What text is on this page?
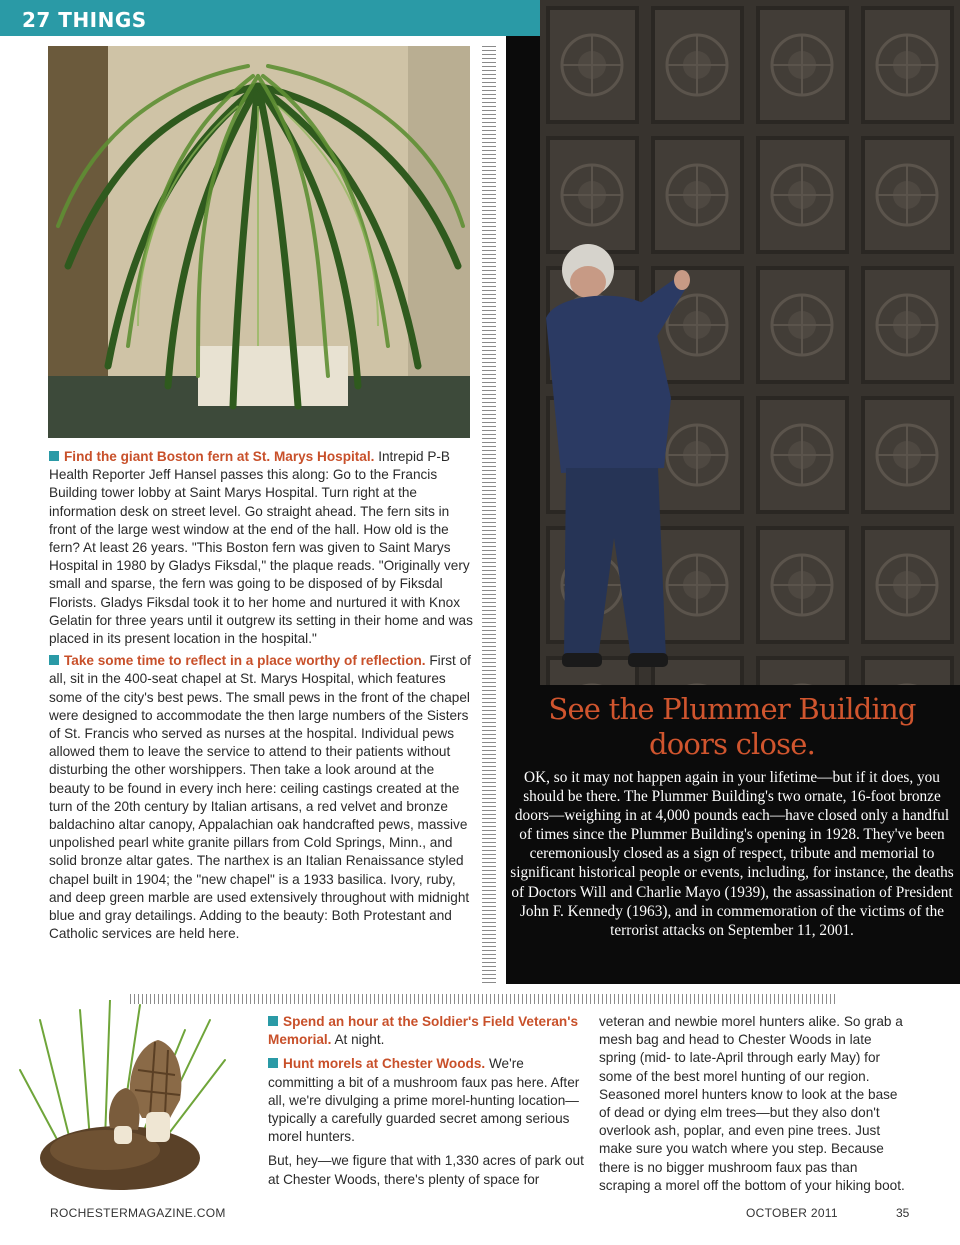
27 THINGS

Find the giant Boston fern at St. Marys Hospital. Intrepid P-B Health Reporter Jeff Hansel passes this along: Go to the Francis Building tower lobby at Saint Marys Hospital. Turn right at the information desk on street level. Go straight ahead. The fern sits in front of the large west window at the end of the hall. How old is the fern? At least 26 years. "This Boston fern was given to Saint Marys Hospital in 1980 by Gladys Fiksdal," the plaque reads. "Originally very small and sparse, the fern was going to be disposed of by Fiksdal Florists. Gladys Fiksdal took it to her home and nurtured it with Knox Gelatin for three years until it outgrew its setting in their home and was placed in its present location in the hospital."

Take some time to reflect in a place worthy of reflection. First of all, sit in the 400-seat chapel at St. Marys Hospital, which features some of the city's best pews. The small pews in the front of the chapel were designed to accommodate the then large numbers of the Sisters of St. Francis who served as nurses at the hospital. Individual pews allowed them to leave the service to attend to their patients without disturbing the other worshippers. Then take a look around at the beauty to be found in every inch here: ceiling castings created at the turn of the 20th century by Italian artisans, a red velvet and bronze baldachino altar canopy, Appalachian oak handcrafted pews, massive unpolished pearl white granite pillars from Cold Springs, Minn., and solid bronze altar gates. The narthex is an Italian Renaissance styled chapel built in 1904; the "new chapel" is a 1933 basilica. Ivory, ruby, and deep green marble are used extensively throughout with midnight blue and gray detailings. Adding to the beauty: Both Protestant and Catholic services are held here.

See the Plummer Building doors close.
OK, so it may not happen again in your lifetime—but if it does, you should be there. The Plummer Building's two ornate, 16-foot bronze doors—weighing in at 4,000 pounds each—have closed only a handful of times since the Plummer Building's opening in 1928. They've been ceremoniously closed as a sign of respect, tribute and memorial to significant historical people or events, including, for instance, the deaths of Doctors Will and Charlie Mayo (1939), the assassination of President John F. Kennedy (1963), and in commemoration of the victims of the terrorist attacks on September 11, 2001.

Spend an hour at the Soldier's Field Veteran's Memorial. At night.

Hunt morels at Chester Woods. We're committing a bit of a mushroom faux pas here. After all, we're divulging a prime morel-hunting location—typically a carefully guarded secret among serious morel hunters.

But, hey—we figure that with 1,330 acres of park out at Chester Woods, there's plenty of space for

veteran and newbie morel hunters alike. So grab a mesh bag and head to Chester Woods in late spring (mid- to late-April through early May) for some of the best morel hunting of our region. Seasoned morel hunters know to look at the base of dead or dying elm trees—but they also don't overlook ash, poplar, and even pine trees. Just make sure you watch where you step. Because there is no bigger mushroom faux pas than scraping a morel off the bottom of your hiking boot.

ROCHESTERMAGAZINE.COM	OCTOBER 2011	35
